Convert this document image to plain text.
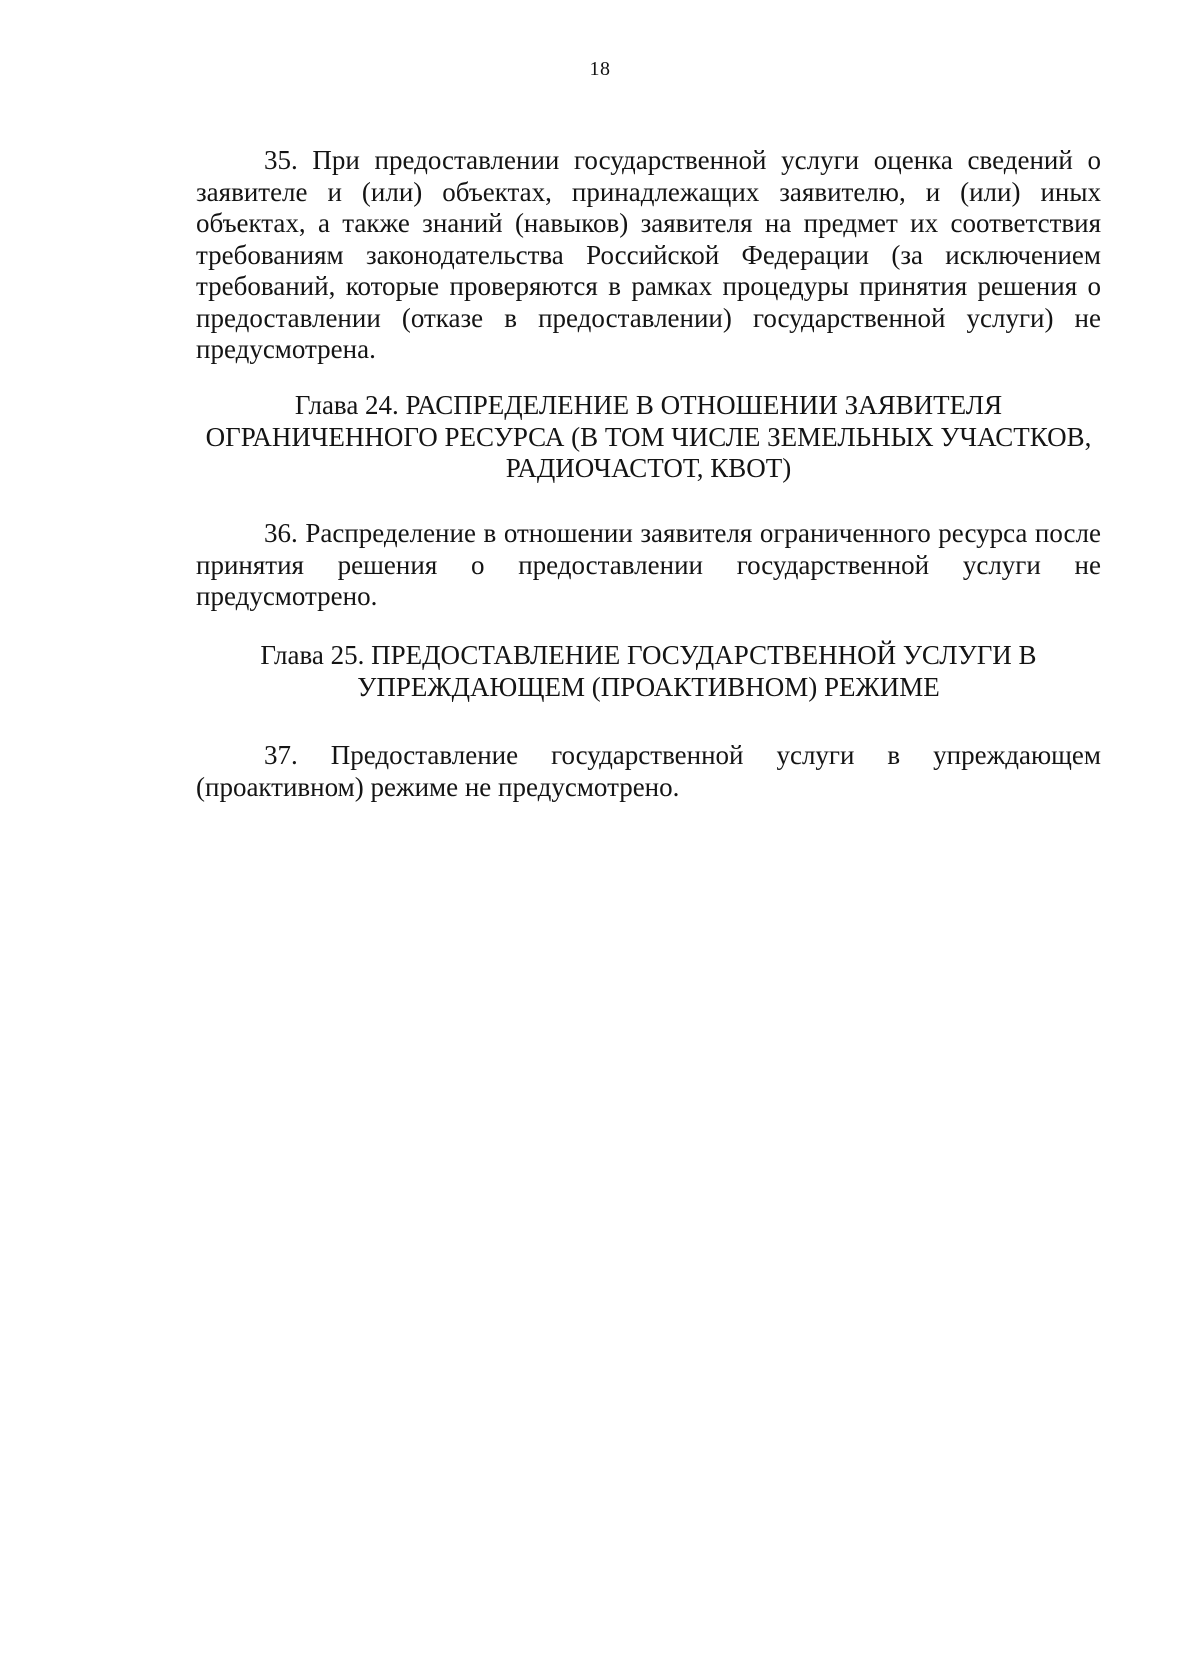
18

35. При предоставлении государственной услуги оценка сведений о заявителе и (или) объектах, принадлежащих заявителю, и (или) иных объектах, а также знаний (навыков) заявителя на предмет их соответствия требованиям законодательства Российской Федерации (за исключением требований, которые проверяются в рамках процедуры принятия решения о предоставлении (отказе в предоставлении) государственной услуги) не предусмотрена.

Глава 24. РАСПРЕДЕЛЕНИЕ В ОТНОШЕНИИ ЗАЯВИТЕЛЯ
ОГРАНИЧЕННОГО РЕСУРСА (В ТОМ ЧИСЛЕ ЗЕМЕЛЬНЫХ УЧАСТКОВ,
РАДИОЧАСТОТ, КВОТ)

36. Распределение в отношении заявителя ограниченного ресурса после принятия решения о предоставлении государственной услуги не предусмотрено.

Глава 25. ПРЕДОСТАВЛЕНИЕ ГОСУДАРСТВЕННОЙ УСЛУГИ В
УПРЕЖДАЮЩЕМ (ПРОАКТИВНОМ) РЕЖИМЕ

37. Предоставление государственной услуги в упреждающем (проактивном) режиме не предусмотрено.
